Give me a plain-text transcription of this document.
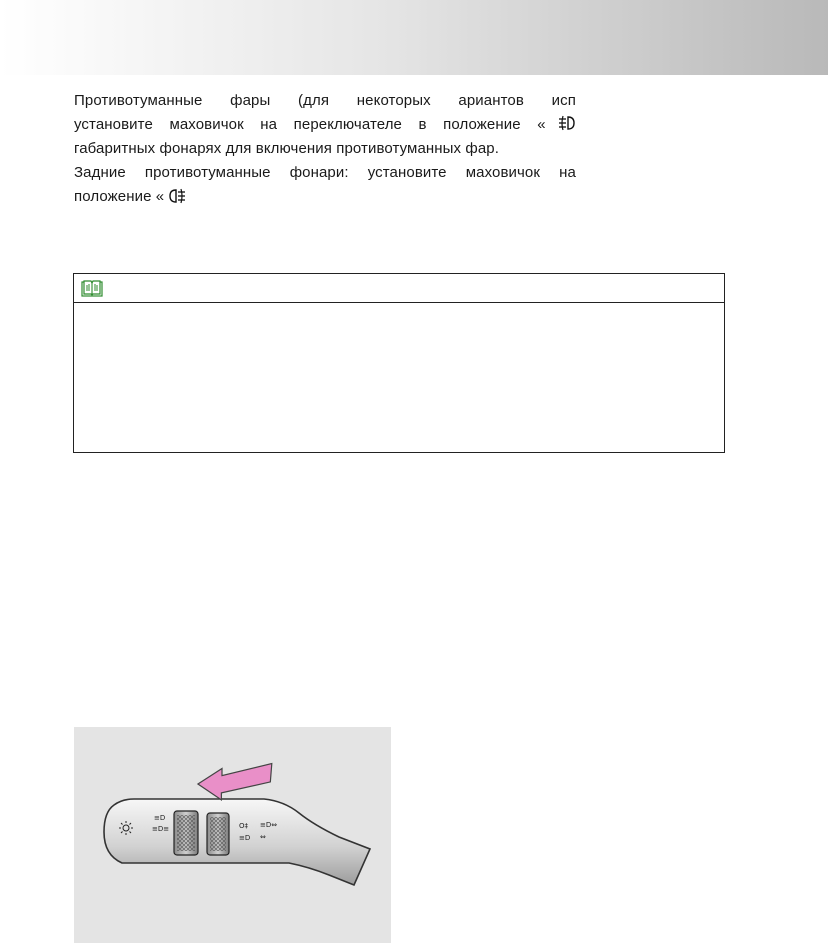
Противотуманные фары (для некоторых ариантов исп
установите маховичок на переключателе в положение «
габаритных фонарях для включения противотуманных фар.
Задние противотуманные фонари: установите маховичок на
положение «
≡D
≡D≡	O‡
≡D
≡D⇔
⇔
